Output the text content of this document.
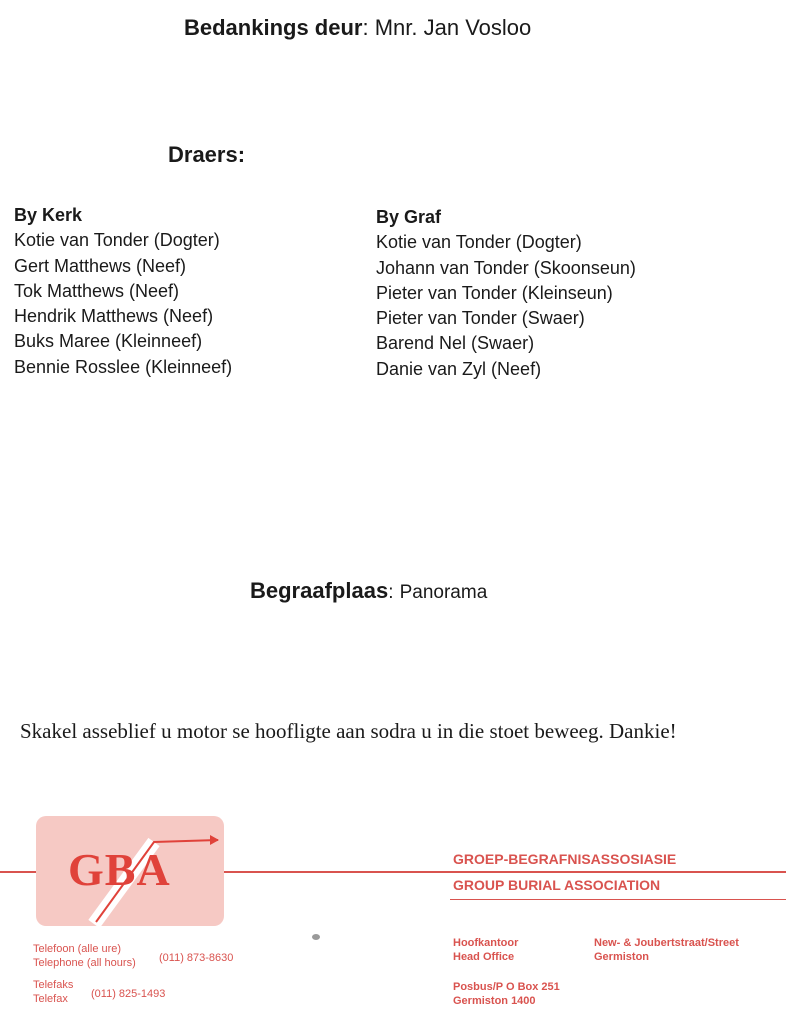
Bedankings deur: Mnr. Jan Vosloo
Draers:
By Kerk
Kotie van Tonder (Dogter)
Gert Matthews (Neef)
Tok Matthews (Neef)
Hendrik Matthews (Neef)
Buks Maree (Kleinneef)
Bennie Rosslee (Kleinneef)
By Graf
Kotie van Tonder (Dogter)
Johann van Tonder (Skoonseun)
Pieter van Tonder (Kleinseun)
Pieter van Tonder (Swaer)
Barend Nel (Swaer)
Danie van Zyl (Neef)
Begraafplaas: Panorama
Skakel asseblief u motor se hoofligte aan sodra u in die stoet beweeg. Dankie!
GBA	GROEP-BEGRAFNISASSOSIASIE
GROUP BURIAL ASSOCIATION
Telefoon (alle ure)
Telephone (all hours) (011) 873-8630
Telefaks
Telefax	(011) 825-1493
Hoofkantoor
Head Office
New- & Joubertstraat/Street
Germiston
Posbus/P O Box 251
Germiston 1400
